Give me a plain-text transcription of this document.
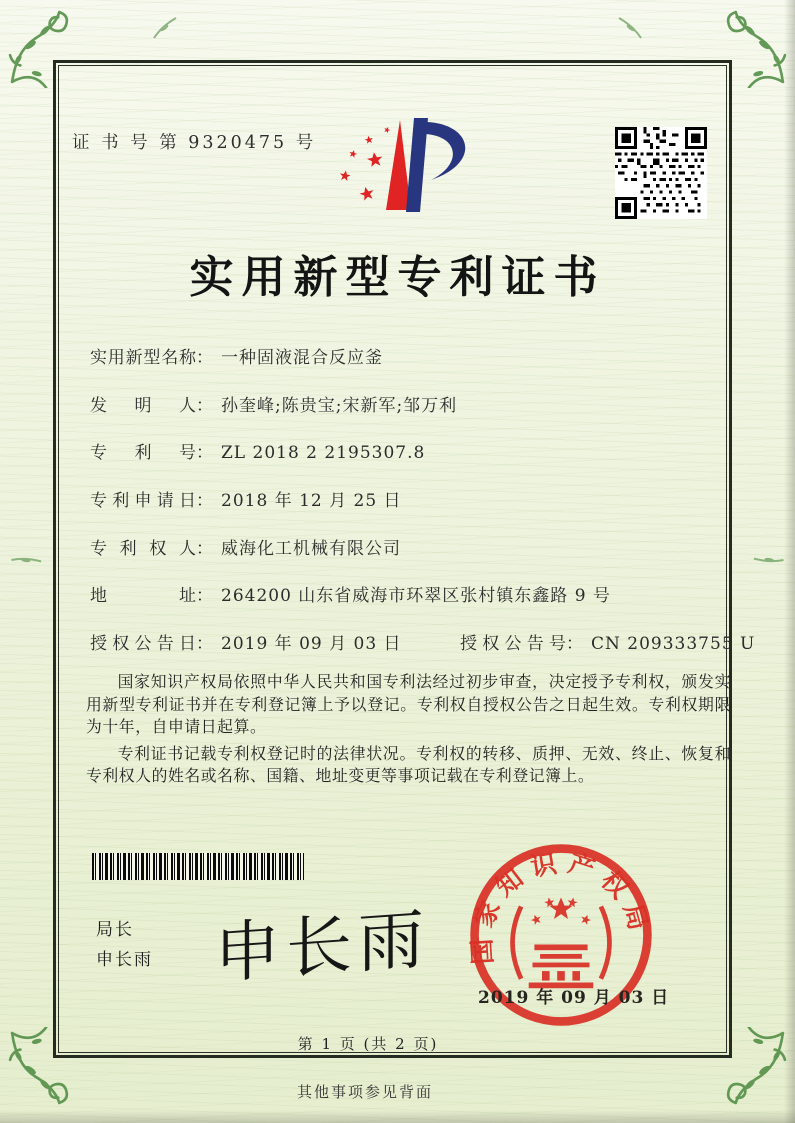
证 书 号 第 9320475 号
实用新型专利证书
实用新型名称： 一种固液混合反应釜
发明人： 孙奎峰;陈贵宝;宋新军;邹万利
专利号： ZL 2018 2 2195307.8
专利申请日： 2018 年 12 月 25 日
专利权人： 威海化工机械有限公司
地址： 264200 山东省威海市环翠区张村镇东鑫路 9 号
授权公告日： 2019 年 09 月 03 日	授权公告号： CN 209333755 U

国家知识产权局依照中华人民共和国专利法经过初步审查，决定授予专利权，颁发实用新型专利证书并在专利登记簿上予以登记。专利权自授权公告之日起生效。专利权期限为十年，自申请日起算。

专利证书记载专利权登记时的法律状况。专利权的转移、质押、无效、终止、恢复和专利权人的姓名或名称、国籍、地址变更等事项记载在专利登记簿上。

局长
申长雨 申长雨 国家知识产权局
2019 年 09 月 03 日
第 1 页 (共 2 页)
其他事项参见背面
